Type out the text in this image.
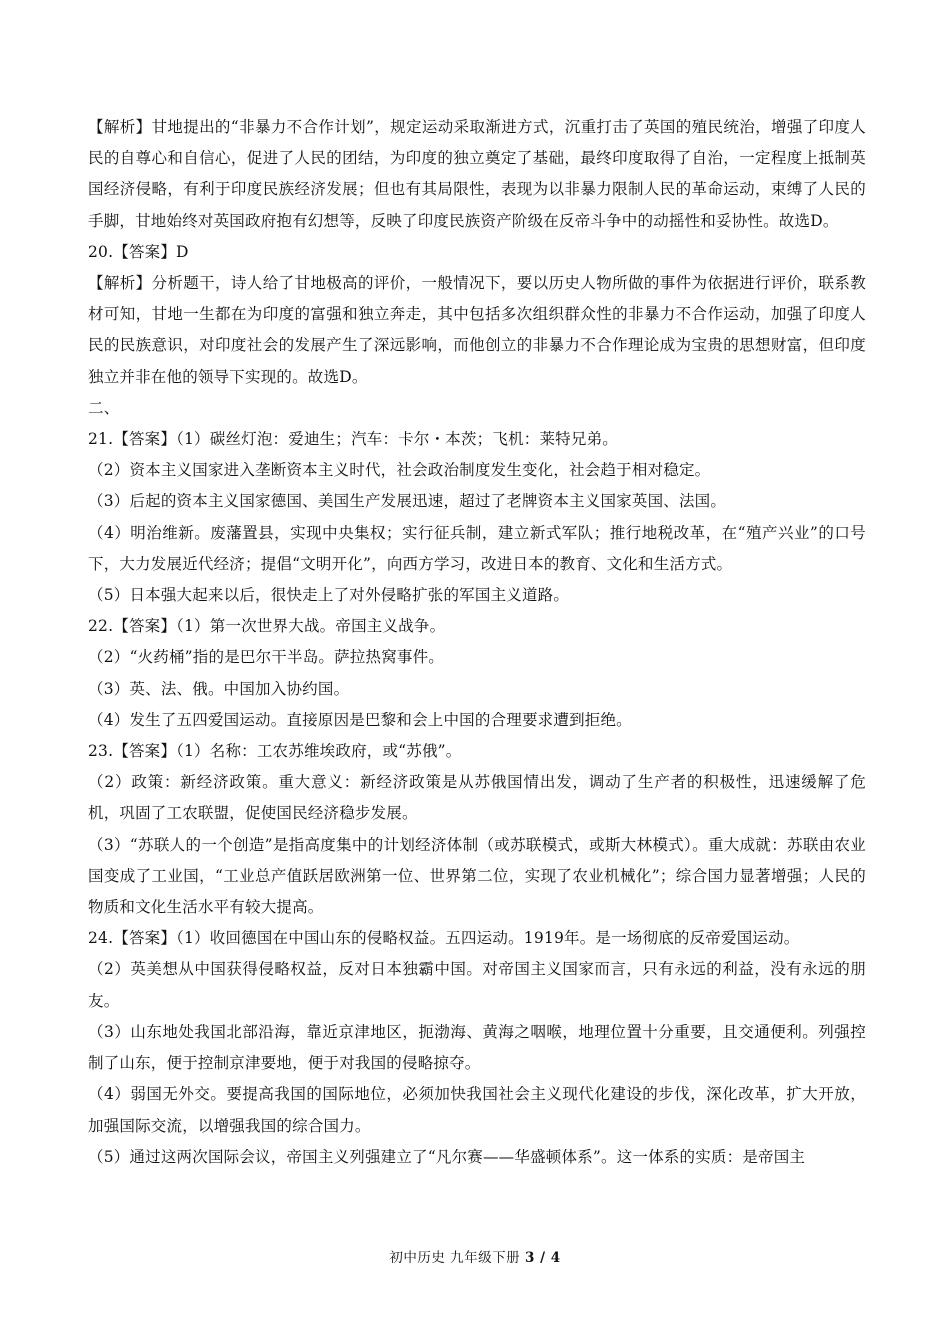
【解析】甘地提出的“非暴力不合作计划”，规定运动采取渐进方式，沉重打击了英国的殖民统治，增强了印度人民的自尊心和自信心，促进了人民的团结，为印度的独立奠定了基础，最终印度取得了自治，一定程度上抵制英国经济侵略，有利于印度民族经济发展；但也有其局限性，表现为以非暴力限制人民的革命运动，束缚了人民的手脚，甘地始终对英国政府抱有幻想等，反映了印度民族资产阶级在反帝斗争中的动摇性和妥协性。故选D。

20.【答案】D

【解析】分析题干，诗人给了甘地极高的评价，一般情况下，要以历史人物所做的事件为依据进行评价，联系教材可知，甘地一生都在为印度的富强和独立奔走，其中包括多次组织群众性的非暴力不合作运动，加强了印度人民的民族意识，对印度社会的发展产生了深远影响，而他创立的非暴力不合作理论成为宝贵的思想财富，但印度独立并非在他的领导下实现的。故选D。

二、

21.【答案】（1）碳丝灯泡：爱迪生；汽车：卡尔・本茨；飞机：莱特兄弟。

（2）资本主义国家进入垄断资本主义时代，社会政治制度发生变化，社会趋于相对稳定。

（3）后起的资本主义国家德国、美国生产发展迅速，超过了老牌资本主义国家英国、法国。

（4）明治维新。废藩置县，实现中央集权；实行征兵制，建立新式军队；推行地税改革，在“殖产兴业”的口号下，大力发展近代经济；提倡“文明开化”，向西方学习，改进日本的教育、文化和生活方式。

（5）日本强大起来以后，很快走上了对外侵略扩张的军国主义道路。

22.【答案】（1）第一次世界大战。帝国主义战争。

（2）“火药桶”指的是巴尔干半岛。萨拉热窝事件。

（3）英、法、俄。中国加入协约国。

（4）发生了五四爱国运动。直接原因是巴黎和会上中国的合理要求遭到拒绝。

23.【答案】（1）名称：工农苏维埃政府，或“苏俄”。

（2）政策：新经济政策。重大意义：新经济政策是从苏俄国情出发，调动了生产者的积极性，迅速缓解了危机，巩固了工农联盟，促使国民经济稳步发展。

（3）“苏联人的一个创造”是指高度集中的计划经济体制（或苏联模式，或斯大林模式）。重大成就：苏联由农业国变成了工业国，“工业总产值跃居欧洲第一位、世界第二位，实现了农业机械化”；综合国力显著增强；人民的物质和文化生活水平有较大提高。

24.【答案】（1）收回德国在中国山东的侵略权益。五四运动。1919年。是一场彻底的反帝爱国运动。

（2）英美想从中国获得侵略权益，反对日本独霸中国。对帝国主义国家而言，只有永远的利益，没有永远的朋友。

（3）山东地处我国北部沿海，靠近京津地区，扼渤海、黄海之咽喉，地理位置十分重要，且交通便利。列强控制了山东，便于控制京津要地，便于对我国的侵略掠夺。

（4）弱国无外交。要提高我国的国际地位，必须加快我国社会主义现代化建设的步伐，深化改革，扩大开放，加强国际交流，以增强我国的综合国力。

（5）通过这两次国际会议，帝国主义列强建立了“凡尔赛——华盛顿体系”。这一体系的实质：是帝国主

初中历史 九年级下册 3 / 4
